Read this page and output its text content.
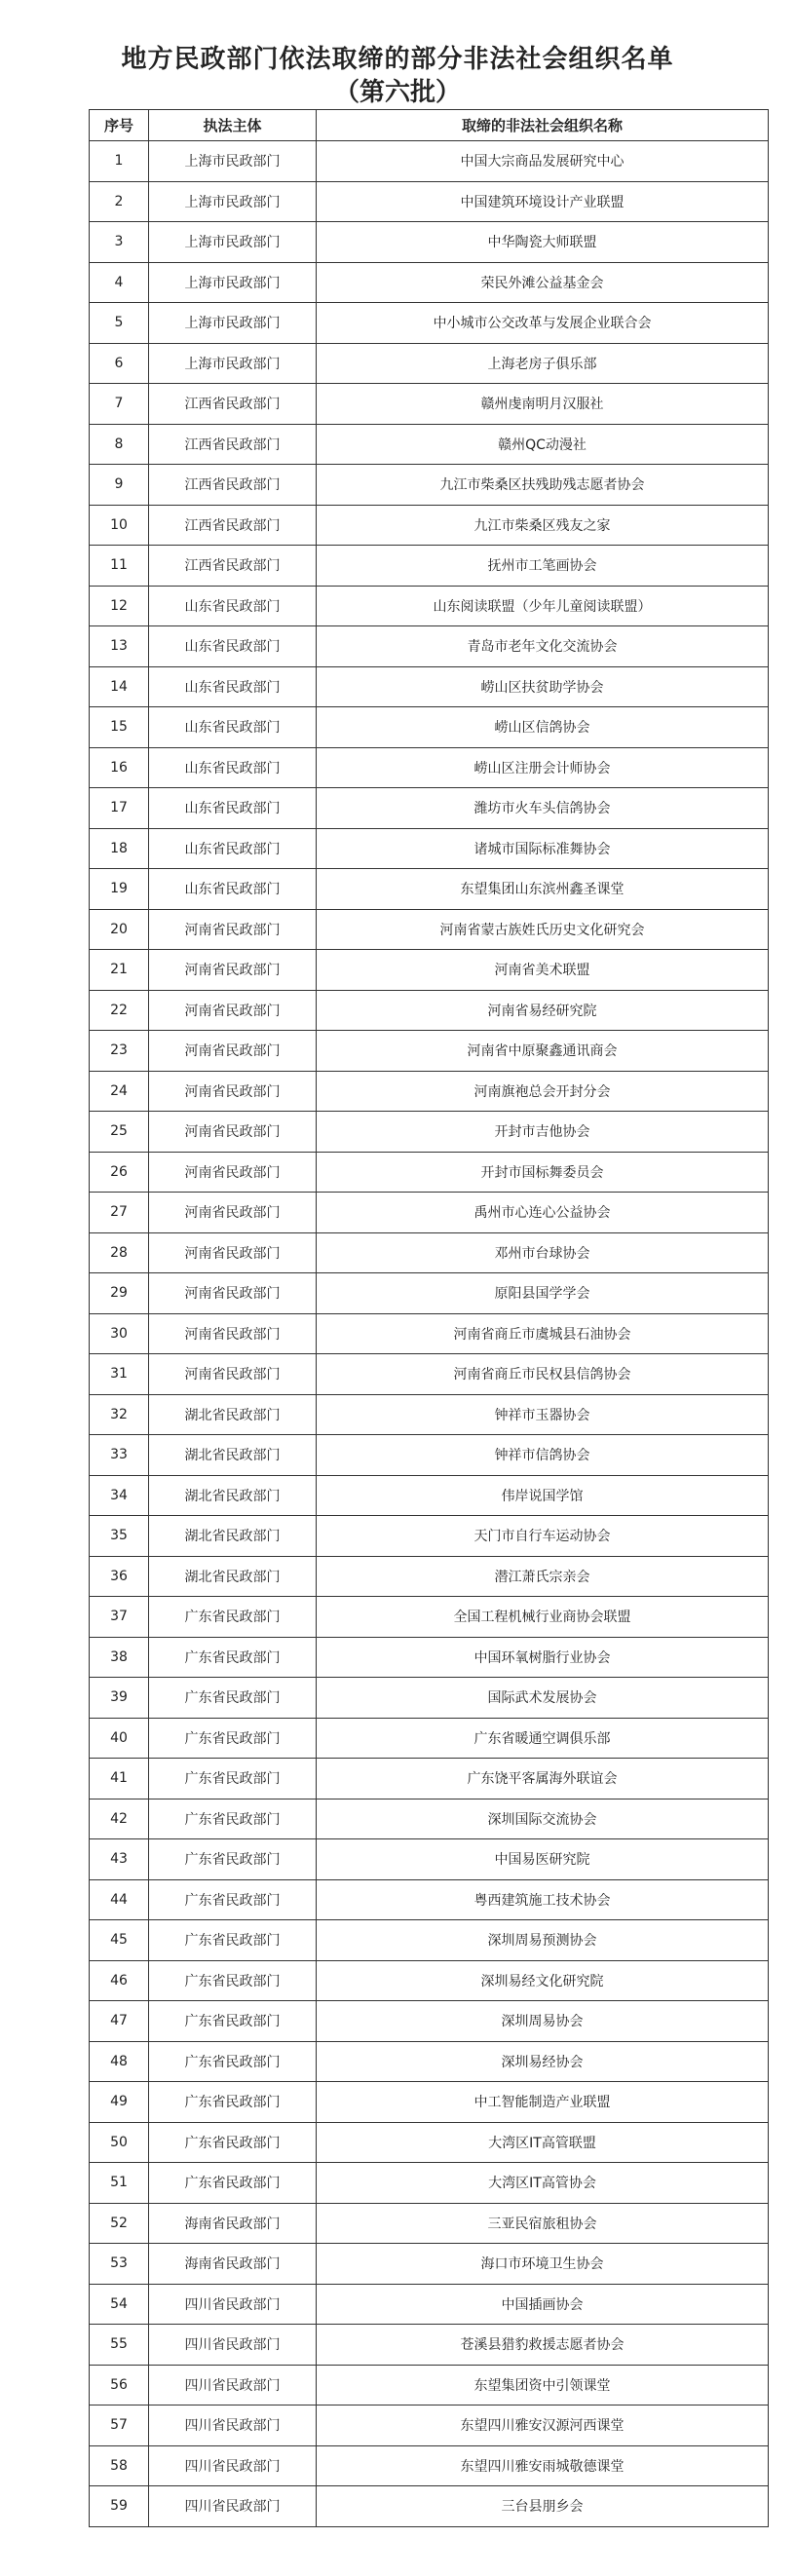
地方民政部门依法取缔的部分非法社会组织名单
（第六批）
序号	执法主体	取缔的非法社会组织名称
1	上海市民政部门	中国大宗商品发展研究中心
2	上海市民政部门	中国建筑环境设计产业联盟
3	上海市民政部门	中华陶瓷大师联盟
4	上海市民政部门	荣民外滩公益基金会
5	上海市民政部门	中小城市公交改革与发展企业联合会
6	上海市民政部门	上海老房子俱乐部
7	江西省民政部门	赣州虔南明月汉服社
8	江西省民政部门	赣州QC动漫社
9	江西省民政部门	九江市柴桑区扶残助残志愿者协会
10	江西省民政部门	九江市柴桑区残友之家
11	江西省民政部门	抚州市工笔画协会
12	山东省民政部门	山东阅读联盟（少年儿童阅读联盟）
13	山东省民政部门	青岛市老年文化交流协会
14	山东省民政部门	崂山区扶贫助学协会
15	山东省民政部门	崂山区信鸽协会
16	山东省民政部门	崂山区注册会计师协会
17	山东省民政部门	潍坊市火车头信鸽协会
18	山东省民政部门	诸城市国际标准舞协会
19	山东省民政部门	东望集团山东滨州鑫圣课堂
20	河南省民政部门	河南省蒙古族姓氏历史文化研究会
21	河南省民政部门	河南省美术联盟
22	河南省民政部门	河南省易经研究院
23	河南省民政部门	河南省中原聚鑫通讯商会
24	河南省民政部门	河南旗袍总会开封分会
25	河南省民政部门	开封市吉他协会
26	河南省民政部门	开封市国标舞委员会
27	河南省民政部门	禹州市心连心公益协会
28	河南省民政部门	邓州市台球协会
29	河南省民政部门	原阳县国学学会
30	河南省民政部门	河南省商丘市虞城县石油协会
31	河南省民政部门	河南省商丘市民权县信鸽协会
32	湖北省民政部门	钟祥市玉器协会
33	湖北省民政部门	钟祥市信鸽协会
34	湖北省民政部门	伟岸说国学馆
35	湖北省民政部门	天门市自行车运动协会
36	湖北省民政部门	潜江萧氏宗亲会
37	广东省民政部门	全国工程机械行业商协会联盟
38	广东省民政部门	中国环氧树脂行业协会
39	广东省民政部门	国际武术发展协会
40	广东省民政部门	广东省暖通空调俱乐部
41	广东省民政部门	广东饶平客属海外联谊会
42	广东省民政部门	深圳国际交流协会
43	广东省民政部门	中国易医研究院
44	广东省民政部门	粤西建筑施工技术协会
45	广东省民政部门	深圳周易预测协会
46	广东省民政部门	深圳易经文化研究院
47	广东省民政部门	深圳周易协会
48	广东省民政部门	深圳易经协会
49	广东省民政部门	中工智能制造产业联盟
50	广东省民政部门	大湾区IT高管联盟
51	广东省民政部门	大湾区IT高管协会
52	海南省民政部门	三亚民宿旅租协会
53	海南省民政部门	海口市环境卫生协会
54	四川省民政部门	中国插画协会
55	四川省民政部门	苍溪县猎豹救援志愿者协会
56	四川省民政部门	东望集团资中引领课堂
57	四川省民政部门	东望四川雅安汉源河西课堂
58	四川省民政部门	东望四川雅安雨城敬德课堂
59	四川省民政部门	三台县朋乡会
